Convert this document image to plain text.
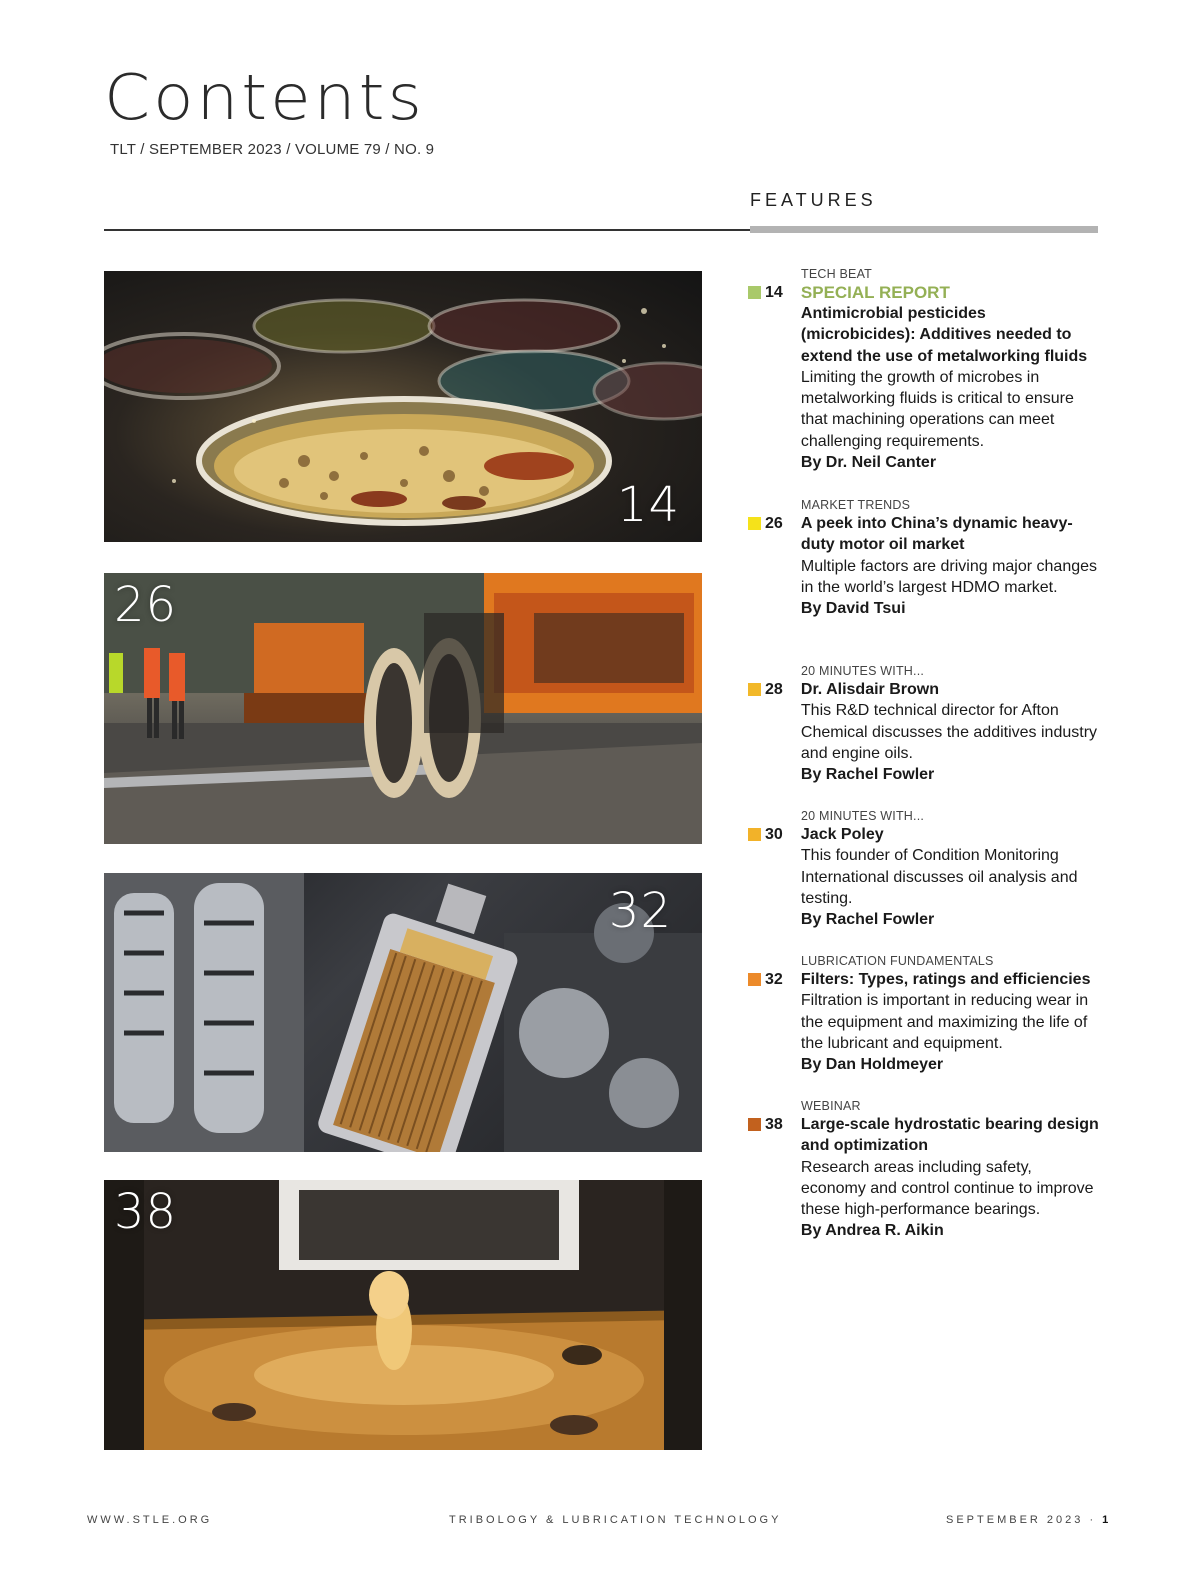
Contents
TLT / SEPTEMBER 2023 / VOLUME 79 / NO. 9
FEATURES
14
26
32
38
TECH BEAT
14	SPECIAL REPORT
Antimicrobial pesticides (microbicides): Additives needed to extend the use of metalworking fluids
Limiting the growth of microbes in metalworking fluids is critical to ensure that machining operations can meet challenging requirements.
By Dr. Neil Canter
MARKET TRENDS
26	A peek into China’s dynamic heavy-duty motor oil market
Multiple factors are driving major changes in the world’s largest HDMO market.
By David Tsui
20 MINUTES WITH...
28	Dr. Alisdair Brown
This R&D technical director for Afton Chemical discusses the additives industry and engine oils.
By Rachel Fowler
20 MINUTES WITH...
30	Jack Poley
This founder of Condition Monitoring International discusses oil analysis and testing.
By Rachel Fowler
LUBRICATION FUNDAMENTALS
32	Filters: Types, ratings and efficiencies
Filtration is important in reducing wear in the equipment and maximizing the life of the lubricant and equipment.
By Dan Holdmeyer
WEBINAR
38	Large-scale hydrostatic bearing design and optimization
Research areas including safety, economy and control continue to improve these high-performance bearings.
By Andrea R. Aikin
WWW.STLE.ORG	TRIBOLOGY & LUBRICATION TECHNOLOGY	SEPTEMBER 2023 · 1
